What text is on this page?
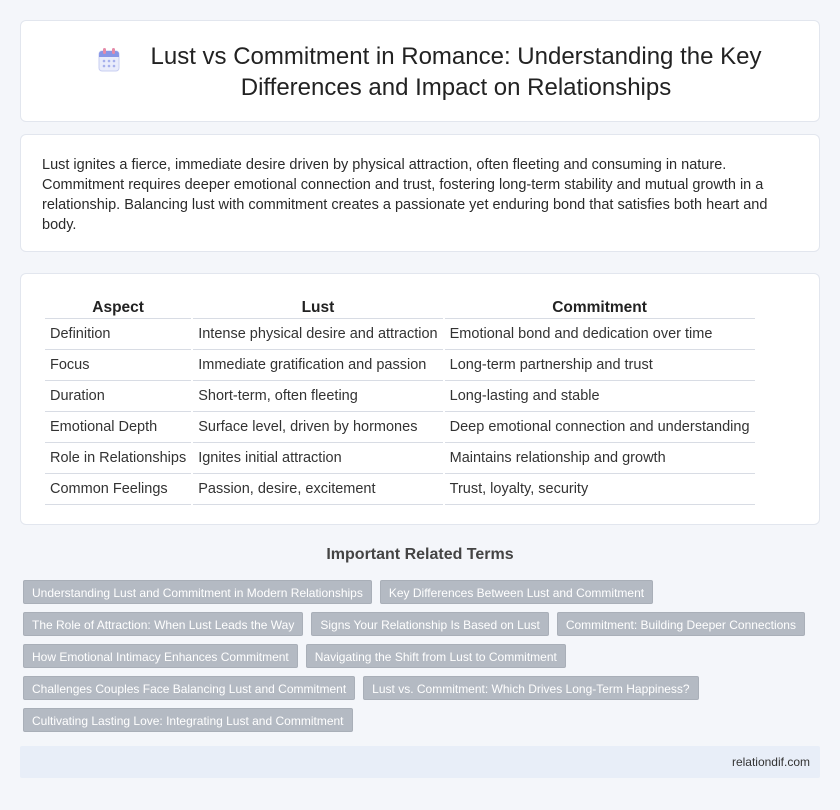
Lust vs Commitment in Romance: Understanding the Key Differences and Impact on Relationships

Lust ignites a fierce, immediate desire driven by physical attraction, often fleeting and consuming in nature. Commitment requires deeper emotional connection and trust, fostering long-term stability and mutual growth in a relationship. Balancing lust with commitment creates a passionate yet enduring bond that satisfies both heart and body.

Aspect	Lust	Commitment
Definition	Intense physical desire and attraction	Emotional bond and dedication over time
Focus	Immediate gratification and passion	Long-term partnership and trust
Duration	Short-term, often fleeting	Long-lasting and stable
Emotional Depth	Surface level, driven by hormones	Deep emotional connection and understanding
Role in Relationships	Ignites initial attraction	Maintains relationship and growth
Common Feelings	Passion, desire, excitement	Trust, loyalty, security
Important Related Terms
Understanding Lust and Commitment in Modern Relationships	Key Differences Between Lust and Commitment
The Role of Attraction: When Lust Leads the Way	Signs Your Relationship Is Based on Lust	Commitment: Building Deeper Connections
How Emotional Intimacy Enhances Commitment	Navigating the Shift from Lust to Commitment
Challenges Couples Face Balancing Lust and Commitment	Lust vs. Commitment: Which Drives Long-Term Happiness?
Cultivating Lasting Love: Integrating Lust and Commitment
relationdif.com
